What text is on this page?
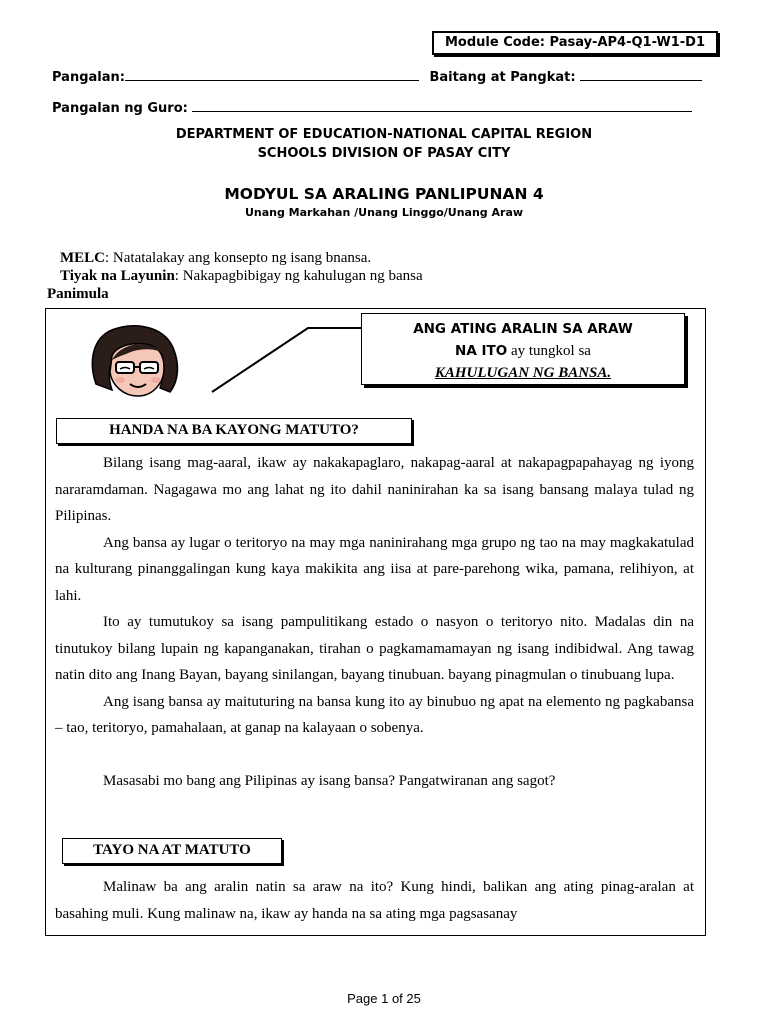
Module Code: Pasay-AP4-Q1-W1-D1
Pangalan:	Baitang at Pangkat:
Pangalan ng Guro:
DEPARTMENT OF EDUCATION-NATIONAL CAPITAL REGION
SCHOOLS DIVISION OF PASAY CITY
MODYUL SA ARALING PANLIPUNAN 4
Unang Markahan /Unang Linggo/Unang Araw
MELC: Natatalakay ang konsepto ng isang bnansa.
Tiyak na Layunin: Nakapagbibigay ng kahulugan ng bansa
Panimula
ANG ATING ARALIN SA ARAW
NA ITO ay tungkol sa
KAHULUGAN NG BANSA.
HANDA NA BA KAYONG MATUTO?

Bilang isang mag-aaral, ikaw ay nakakapaglaro, nakapag-aaral at nakapagpapahayag ng iyong nararamdaman. Nagagawa mo ang lahat ng ito dahil naninirahan ka sa isang bansang malaya tulad ng Pilipinas.

Ang bansa ay lugar o teritoryo na may mga naninirahang mga grupo ng tao na may magkakatulad na kulturang pinanggalingan kung kaya makikita ang iisa at pare-parehong wika, pamana, relihiyon, at lahi.

Ito ay tumutukoy sa isang pampulitikang estado o nasyon o teritoryo nito. Madalas din na tinutukoy bilang lupain ng kapanganakan, tirahan o pagkamamamayan ng isang indibidwal. Ang tawag natin dito ang Inang Bayan, bayang sinilangan, bayang tinubuan. bayang pinagmulan o tinubuang lupa.

Ang isang bansa ay maituturing na bansa kung ito ay binubuo ng apat na elemento ng pagkabansa – tao, teritoryo, pamahalaan, at ganap na kalayaan o sobenya.

Masasabi mo bang ang Pilipinas ay isang bansa? Pangatwiranan ang sagot?

TAYO NA AT MATUTO

Malinaw ba ang aralin natin sa araw na ito? Kung hindi, balikan ang ating pinag-aralan at basahing muli. Kung malinaw na, ikaw ay handa na sa ating mga pagsasanay

Page 1 of 25
